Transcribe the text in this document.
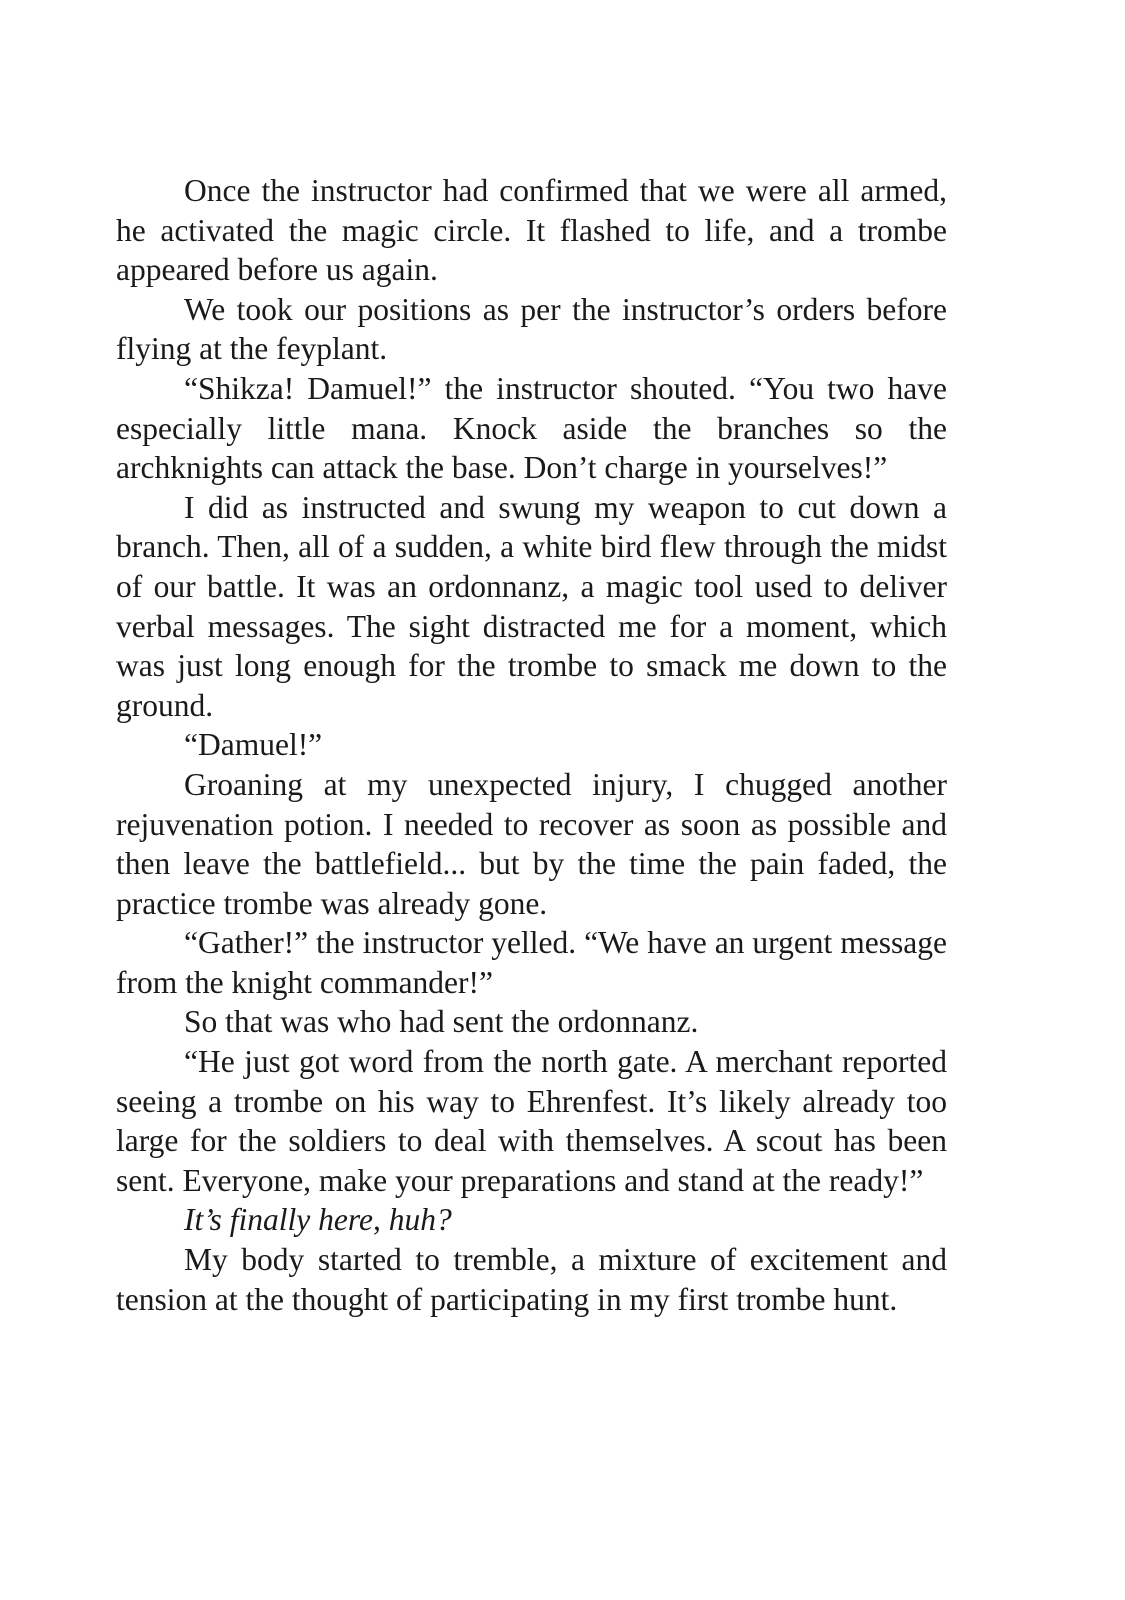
Once the instructor had confirmed that we were all armed, he activated the magic circle. It flashed to life, and a trombe appeared before us again.

We took our positions as per the instructor’s orders before flying at the feyplant.

“Shikza! Damuel!” the instructor shouted. “You two have especially little mana. Knock aside the branches so the archknights can attack the base. Don’t charge in yourselves!”

I did as instructed and swung my weapon to cut down a branch. Then, all of a sudden, a white bird flew through the midst of our battle. It was an ordonnanz, a magic tool used to deliver verbal messages. The sight distracted me for a moment, which was just long enough for the trombe to smack me down to the ground.

“Damuel!”

Groaning at my unexpected injury, I chugged another rejuvenation potion. I needed to recover as soon as possible and then leave the battlefield... but by the time the pain faded, the practice trombe was already gone.

“Gather!” the instructor yelled. “We have an urgent message from the knight commander!”

So that was who had sent the ordonnanz.

“He just got word from the north gate. A merchant reported seeing a trombe on his way to Ehrenfest. It’s likely already too large for the soldiers to deal with themselves. A scout has been sent. Everyone, make your preparations and stand at the ready!”

It’s finally here, huh?

My body started to tremble, a mixture of excitement and tension at the thought of participating in my first trombe hunt.
